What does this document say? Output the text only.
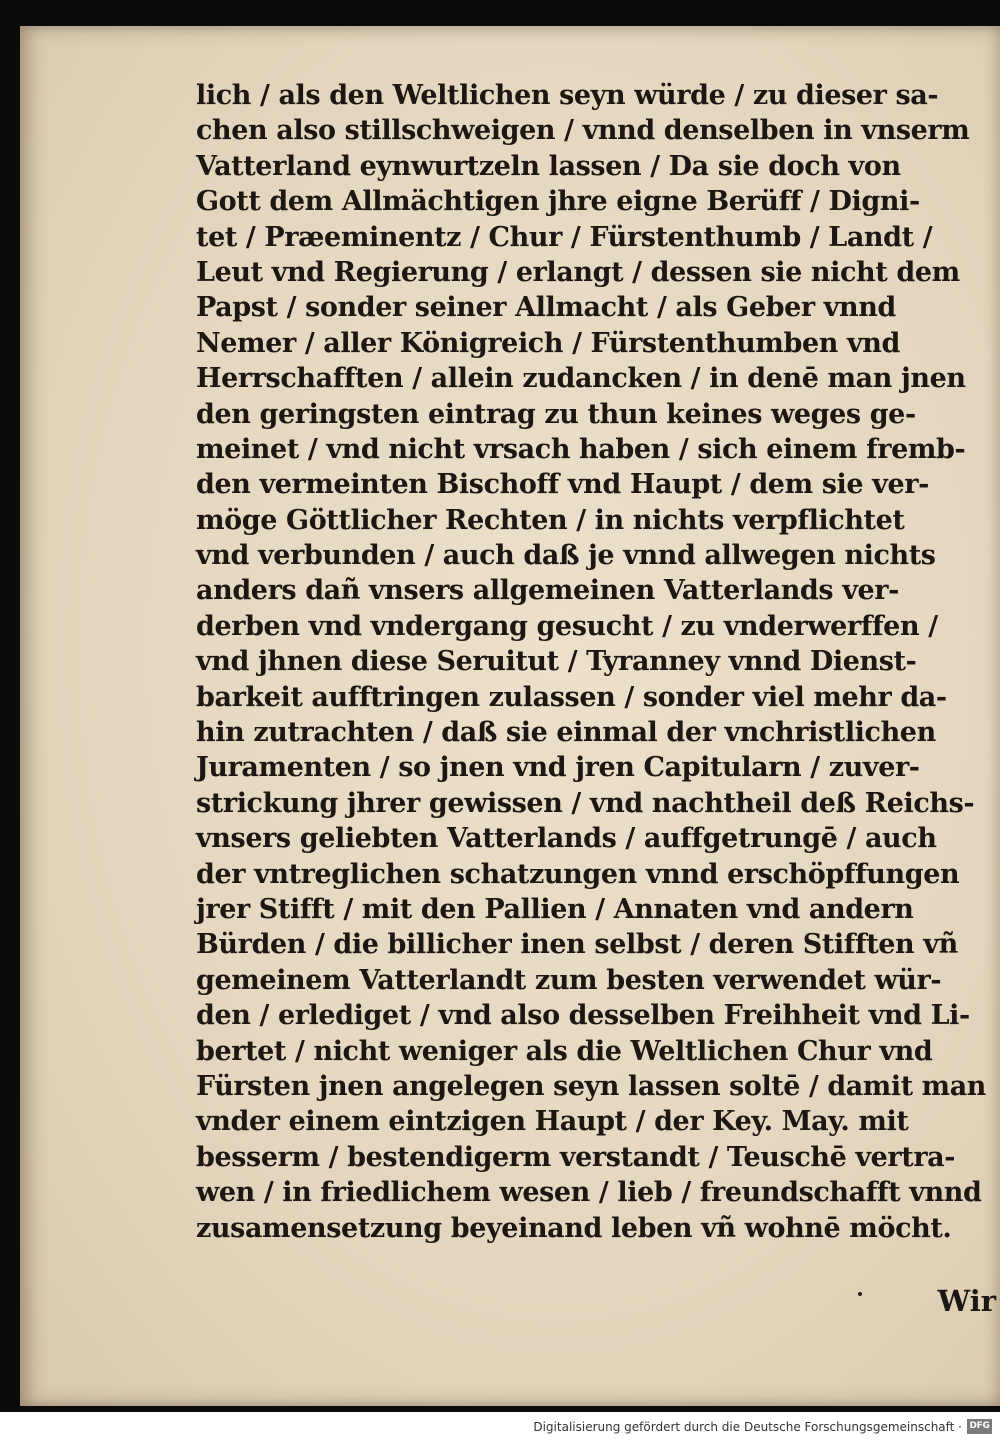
lich / als den Weltlichen seyn würde / zu dieser sa-
chen also stillschweigen / vnnd denselben in vnserm
Vatterland eynwurtzeln lassen / Da sie doch von
Gott dem Allmächtigen jhre eigne Berüff / Digni-
tet / Præeminentz / Chur / Fürstenthumb / Landt /
Leut vnd Regierung / erlangt / dessen sie nicht dem
Papst / sonder seiner Allmacht / als Geber vnnd
Nemer / aller Königreich / Fürstenthumben vnd
Herrschafften / allein zudancken / in denē man jnen
den geringsten eintrag zu thun keines weges ge-
meinet / vnd nicht vrsach haben / sich einem fremb-
den vermeinten Bischoff vnd Haupt / dem sie ver-
möge Göttlicher Rechten / in nichts verpflichtet
vnd verbunden / auch daß je vnnd allwegen nichts
anders dañ vnsers allgemeinen Vatterlands ver-
derben vnd vndergang gesucht / zu vnderwerffen /
vnd jhnen diese Seruitut / Tyranney vnnd Dienst-
barkeit aufftringen zulassen / sonder viel mehr da-
hin zutrachten / daß sie einmal der vnchristlichen
Juramenten / so jnen vnd jren Capitularn / zuver-
strickung jhrer gewissen / vnd nachtheil deß Reichs-
vnsers geliebten Vatterlands / auffgetrungē / auch
der vntreglichen schatzungen vnnd erschöpffungen
jrer Stifft / mit den Pallien / Annaten vnd andern
Bürden / die billicher inen selbst / deren Stifften vñ
gemeinem Vatterlandt zum besten verwendet wür-
den / erlediget / vnd also desselben Freihheit vnd Li-
bertet / nicht weniger als die Weltlichen Chur vnd
Fürsten jnen angelegen seyn lassen soltē / damit man
vnder einem eintzigen Haupt / der Key. May. mit
besserm / bestendigerm verstandt / Teuschē vertra-
wen / in friedlichem wesen / lieb / freundschafft vnnd
zusamensetzung beyeinand leben vñ wohnē möcht.
Wir
Digitalisierung gefördert durch die Deutsche Forschungsgemeinschaft · DFG
